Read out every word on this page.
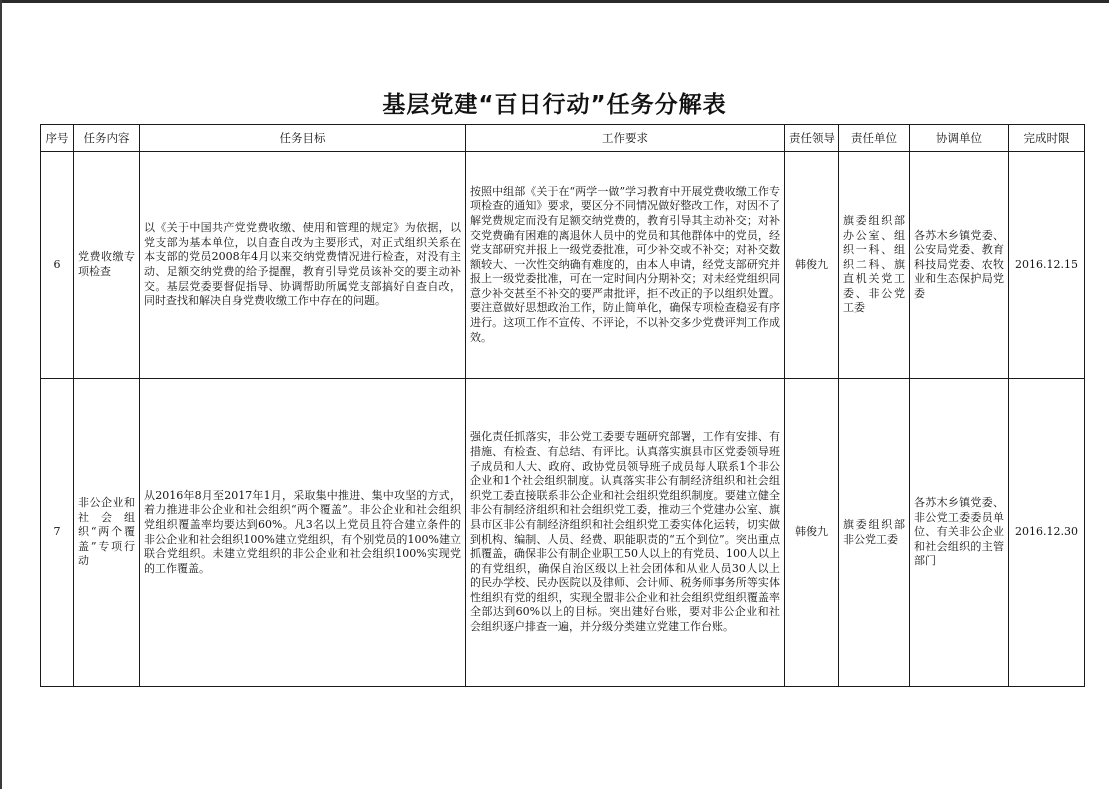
基层党建“百日行动”任务分解表
序号	任务内容	任务目标	工作要求	责任领导	责任单位	协调单位	完成时限
6	党费收缴专项检查	以《关于中国共产党党费收缴、使用和管理的规定》为依据，以党支部为基本单位，以自查自改为主要形式，对正式组织关系在本支部的党员2008年4月以来交纳党费情况进行检查，对没有主动、足额交纳党费的给予提醒，教育引导党员该补交的要主动补交。基层党委要督促指导、协调帮助所属党支部搞好自查自改，同时查找和解决自身党费收缴工作中存在的问题。	按照中组部《关于在“两学一做”学习教育中开展党费收缴工作专项检查的通知》要求，要区分不同情况做好整改工作，对因不了解党费规定而没有足额交纳党费的，教育引导其主动补交；对补交党费确有困难的离退休人员中的党员和其他群体中的党员，经党支部研究并报上一级党委批准，可少补交或不补交；对补交数额较大、一次性交纳确有难度的，由本人申请，经党支部研究并报上一级党委批准，可在一定时间内分期补交；对未经党组织同意少补交甚至不补交的要严肃批评，拒不改正的予以组织处置。要注意做好思想政治工作，防止简单化，确保专项检查稳妥有序进行。这项工作不宣传、不评论，不以补交多少党费评判工作成效。	韩俊九	旗委组织部办公室、组织一科、组织二科、旗直机关党工委、非公党工委	各苏木乡镇党委、公安局党委、教育科技局党委、农牧业和生态保护局党委	2016.12.15
7	非公企业和社会组织“两个覆盖”专项行动	从2016年8月至2017年1月，采取集中推进、集中攻坚的方式，着力推进非公企业和社会组织“两个覆盖”。非公企业和社会组织党组织覆盖率均要达到60%。凡3名以上党员且符合建立条件的非公企业和社会组织100%建立党组织，有个别党员的100%建立联合党组织。未建立党组织的非公企业和社会组织100%实现党的工作覆盖。	强化责任抓落实，非公党工委要专题研究部署，工作有安排、有措施、有检查、有总结、有评比。认真落实旗县市区党委领导班子成员和人大、政府、政协党员领导班子成员每人联系1个非公企业和1个社会组织制度。认真落实非公有制经济组织和社会组织党工委直接联系非公企业和社会组织党组织制度。要建立健全非公有制经济组织和社会组织党工委，推动三个党建办公室、旗县市区非公有制经济组织和社会组织党工委实体化运转，切实做到机构、编制、人员、经费、职能职责的“五个到位”。突出重点抓覆盖，确保非公有制企业职工50人以上的有党员、100人以上的有党组织，确保自治区级以上社会团体和从业人员30人以上的民办学校、民办医院以及律师、会计师、税务师事务所等实体性组织有党的组织，实现全盟非公企业和社会组织党组织覆盖率全部达到60%以上的目标。突出建好台账，要对非公企业和社会组织逐户排查一遍，并分级分类建立党建工作台账。	韩俊九	旗委组织部非公党工委	各苏木乡镇党委、非公党工委委员单位、有关非公企业和社会组织的主管部门	2016.12.30
